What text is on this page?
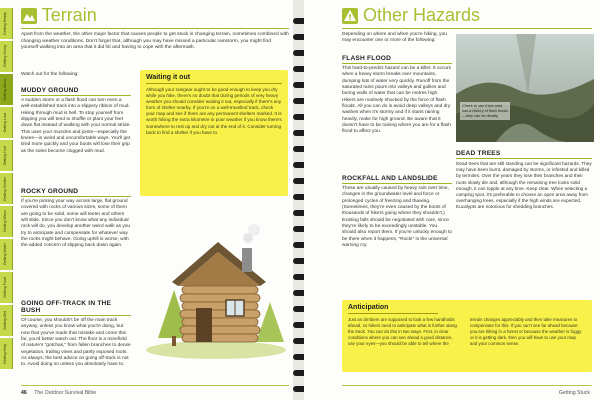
Getting Ready
Getting Going
Getting Stuck
Getting Lost
Getting Hurt
Getting Shelter
Getting Warm
Getting Water
Getting Food
Getting Wet
Getting Help
Terrain

Apart from the weather, the other major factor that causes people to get stuck is changing terrain, sometimes combined with changing weather conditions. Don't forget that, although you may have missed a particular rainstorm, you might find yourself walking into an area that it did hit and having to cope with the aftermath.

Watch out for the following:

MUDDY GROUND

A sudden storm or a flash flood can turn even a well-established track into a slippery ribbon of mud. Hiking through mud is hell. To stop yourself from slipping you will tend to shuffle or plant your feet down flat instead of walking with your normal stride. This uses your muscles and joints—especially the knees—in weird and uncomfortable ways. You'll get tired more quickly and your boots will lose their grip as the soles become clogged with mud.

ROCKY GROUND

If you're picking your way across large, flat ground covered with rocks of various sizes, some of them are going to be solid, some will teeter and others will slide. Since you don't know what any individual rock will do, you develop another weird walk as you try to anticipate and compensate for whatever way the rocks might behave. Going uphill is worse, with the added concern of slipping back down again.

GOING OFF-TRACK IN THE BUSH

Of course, you shouldn't be off the main track anyway, unless you know what you're doing, but now that you've made that mistake and come this far, you'd better watch out. The floor is a minefield of nature's "gotchas," from fallen branches to dense vegetation, trailing vines and partly exposed roots. As always, the best advice on going off-track is not to. Avoid doing so unless you absolutely have to.

Waiting it out

Although your raingear ought to be good enough to keep you dry while you hike, there's no doubt that during periods of very heavy weather you should consider waiting it out, especially if there's any form of shelter nearby. If you're on a well-travelled track, check your map and see if there are any permanent shelters marked. It is worth hiking the extra kilometre in poor weather if you know there's somewhere to rest up and dry out at the end of it. Consider turning back to find a shelter if you have to.

46 The Outdoor Survival Bible
Other Hazards

Depending on where and when you're hiking, you may encounter one or more of the following:

FLASH FLOOD

This hard-to-predict hazard can be a killer. It occurs when a heavy storm breaks over mountains, dumping lots of water very quickly. Runoff from the saturated rains pours into valleys and gullies and boring walls of water that can be metres high. Hikers are routinely shocked by the force of flash floods. All you can do is avoid deep valleys and dry washes when it's stormy and if it starts raining heavily, make for high ground. Be aware that it doesn't have to be raining where you are for a flash flood to affect you.

ROCKFALL AND LANDSLIDE

These are usually caused by heavy rain over time, changes in the groundwater level and force or prolonged cycles of freezing and thawing. (Sometimes, they're even caused by the boots of thousands of hikers going where they shouldn't.) Existing falls should be negotiated with care, since they're likely to be exceedingly unstable. You should also report them. If you're unlucky enough to be there when it happens, "Rock!" is the universal warning cry.

Check to see if the area has a history of flash floods—they can be deadly.
DEAD TREES

Dead trees that are still standing can be significant hazards. They may have been burnt, damaged by storms, or infested and killed by termites. Over the years they lose their branches and their roots slowly die and, although the remaining tree looks solid enough, it can topple at any time. Keep clear. When selecting a camping spot, it's preferable to choose an open area away from overhanging trees, especially if the high winds are expected. Eucalypts are notorious for shedding branches.

Anticipation

Just as climbers are supposed to look a few handholds ahead, so hikers need to anticipate what is further along the track. You can do this in two ways. First, in clear conditions where you can see ahead a good distance, use your eyes—you should be able to tell where the

terrain changes appreciably and then take measures to compensate for this. If you can't see far ahead because you are hiking in a forest or because the weather is foggy or it is getting dark, then you will have to use your map and your common sense.

Getting Stuck
